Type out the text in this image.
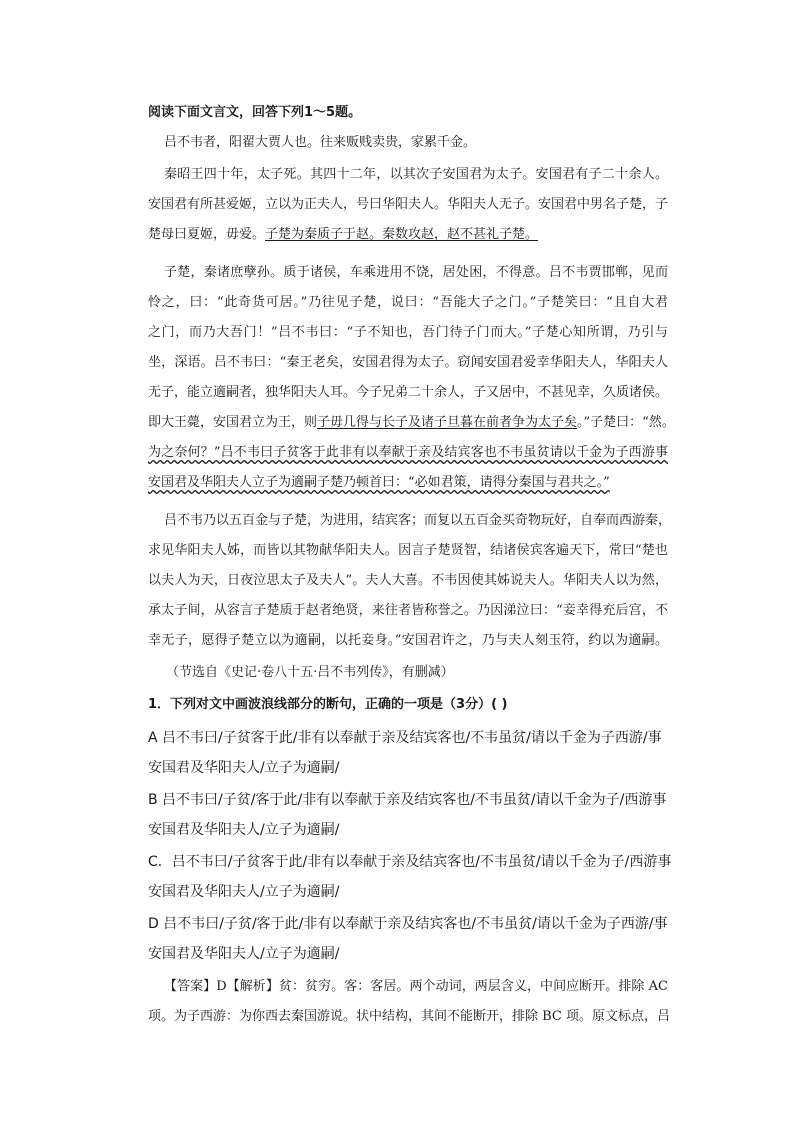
阅读下面文言文，回答下列1～5题。
吕不韦者，阳翟大贾人也。往来贩贱卖贵，家累千金。
秦昭王四十年，太子死。其四十二年，以其次子安国君为太子。安国君有子二十余人。
安国君有所甚爱姬，立以为正夫人，号曰华阳夫人。华阳夫人无子。安国君中男名子楚，子
楚母曰夏姬，毋爱。子楚为秦质子于赵。秦数攻赵，赵不甚礼子楚。
子楚，秦诸庶孽孙。质于诸侯，车乘进用不饶，居处困，不得意。吕不韦贾邯郸，见而
怜之，曰：“此奇货可居。”乃往见子楚，说曰：“吾能大子之门。”子楚笑曰：“且自大君
之门，而乃大吾门！”吕不韦曰：“子不知也，吾门待子门而大。”子楚心知所谓，乃引与
坐，深语。吕不韦曰：“秦王老矣，安国君得为太子。窃闻安国君爱幸华阳夫人，华阳夫人
无子，能立適嗣者，独华阳夫人耳。今子兄弟二十余人，子又居中，不甚见幸，久质诸侯。
即大王薨，安国君立为王，则子毋几得与长子及诸子旦暮在前者争为太子矣。”子楚曰：“然。
为之奈何？”吕不韦曰子贫客于此非有以奉献于亲及结宾客也不韦虽贫请以千金为子西游事
安国君及华阳夫人立子为適嗣子楚乃顿首曰：“必如君策，请得分秦国与君共之。”
吕不韦乃以五百金与子楚，为进用，结宾客；而复以五百金买奇物玩好，自奉而西游秦，
求见华阳夫人姊，而皆以其物献华阳夫人。因言子楚贤智，结诸侯宾客遍天下，常曰“楚也
以夫人为天，日夜泣思太子及夫人”。夫人大喜。不韦因使其姊说夫人。华阳夫人以为然，
承太子间，从容言子楚质于赵者绝贤，来往者皆称誉之。乃因涕泣曰：“妾幸得充后宫，不
幸无子，愿得子楚立以为適嗣，以托妾身。”安国君许之，乃与夫人刻玉符，约以为適嗣。
（节选自《史记·卷八十五·吕不韦列传》，有删减）
1．下列对文中画波浪线部分的断句，正确的一项是（3分）( )
A 吕不韦曰/子贫客于此/非有以奉献于亲及结宾客也/不韦虽贫/请以千金为子西游/事
安国君及华阳夫人/立子为適嗣/
B 吕不韦曰/子贫/客于此/非有以奉献于亲及结宾客也/不韦虽贫/请以千金为子/西游事
安国君及华阳夫人/立子为適嗣/
C．吕不韦曰/子贫客于此/非有以奉献于亲及结宾客也/不韦虽贫/请以千金为子/西游事
安国君及华阳夫人/立子为適嗣/
D 吕不韦曰/子贫/客于此/非有以奉献于亲及结宾客也/不韦虽贫/请以千金为子西游/事
安国君及华阳夫人/立子为適嗣/
【答案】D【解析】贫：贫穷。客：客居。两个动词，两层含义，中间应断开。排除 AC
项。为子西游：为你西去秦国游说。状中结构，其间不能断开，排除 BC 项。原文标点，吕
